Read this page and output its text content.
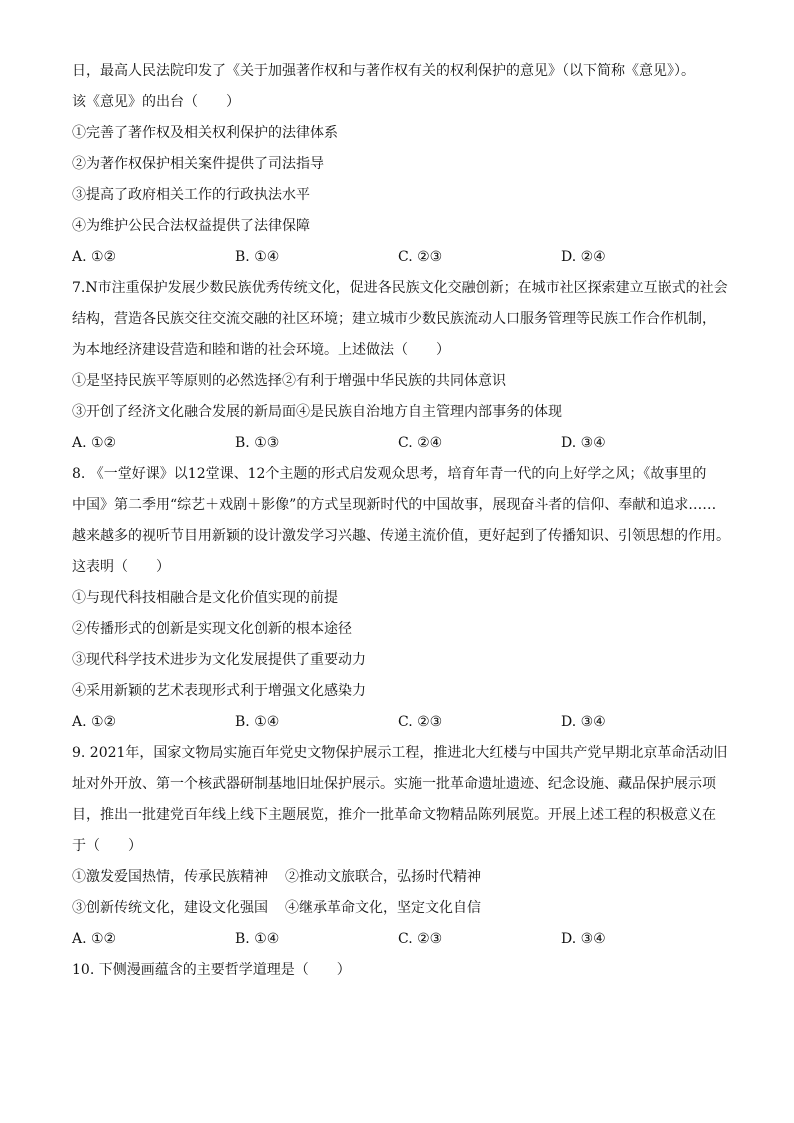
日，最高人民法院印发了《关于加强著作权和与著作权有关的权利保护的意见》（以下简称《意见》）。
该《意见》的出台（　　）
①完善了著作权及相关权利保护的法律体系
②为著作权保护相关案件提供了司法指导
③提高了政府相关工作的行政执法水平
④为维护公民合法权益提供了法律保障
A. ①②	B. ①④	C. ②③	D. ②④
7.N市注重保护发展少数民族优秀传统文化，促进各民族文化交融创新；在城市社区探索建立互嵌式的社会
结构，营造各民族交往交流交融的社区环境；建立城市少数民族流动人口服务管理等民族工作合作机制，
为本地经济建设营造和睦和谐的社会环境。上述做法（　　）
①是坚持民族平等原则的必然选择②有利于增强中华民族的共同体意识
③开创了经济文化融合发展的新局面④是民族自治地方自主管理内部事务的体现
A. ①②	B. ①③	C. ②④	D. ③④
8. 《一堂好课》以12堂课、12个主题的形式启发观众思考，培育年青一代的向上好学之风；《故事里的
中国》第二季用“综艺＋戏剧＋影像”的方式呈现新时代的中国故事，展现奋斗者的信仰、奉献和追求……
越来越多的视听节目用新颖的设计激发学习兴趣、传递主流价值，更好起到了传播知识、引领思想的作用。
这表明（　　）
①与现代科技相融合是文化价值实现的前提
②传播形式的创新是实现文化创新的根本途径
③现代科学技术进步为文化发展提供了重要动力
④采用新颖的艺术表现形式利于增强文化感染力
A. ①②	B. ①④	C. ②③	D. ③④
9. 2021年，国家文物局实施百年党史文物保护展示工程，推进北大红楼与中国共产党早期北京革命活动旧
址对外开放、第一个核武器研制基地旧址保护展示。实施一批革命遗址遗迹、纪念设施、藏品保护展示项
目，推出一批建党百年线上线下主题展览，推介一批革命文物精品陈列展览。开展上述工程的积极意义在
于（　　）
①激发爱国热情，传承民族精神	②推动文旅联合，弘扬时代精神
③创新传统文化，建设文化强国	④继承革命文化，坚定文化自信
A. ①②	B. ①④	C. ②③	D. ③④
10. 下侧漫画蕴含的主要哲学道理是（　　）
